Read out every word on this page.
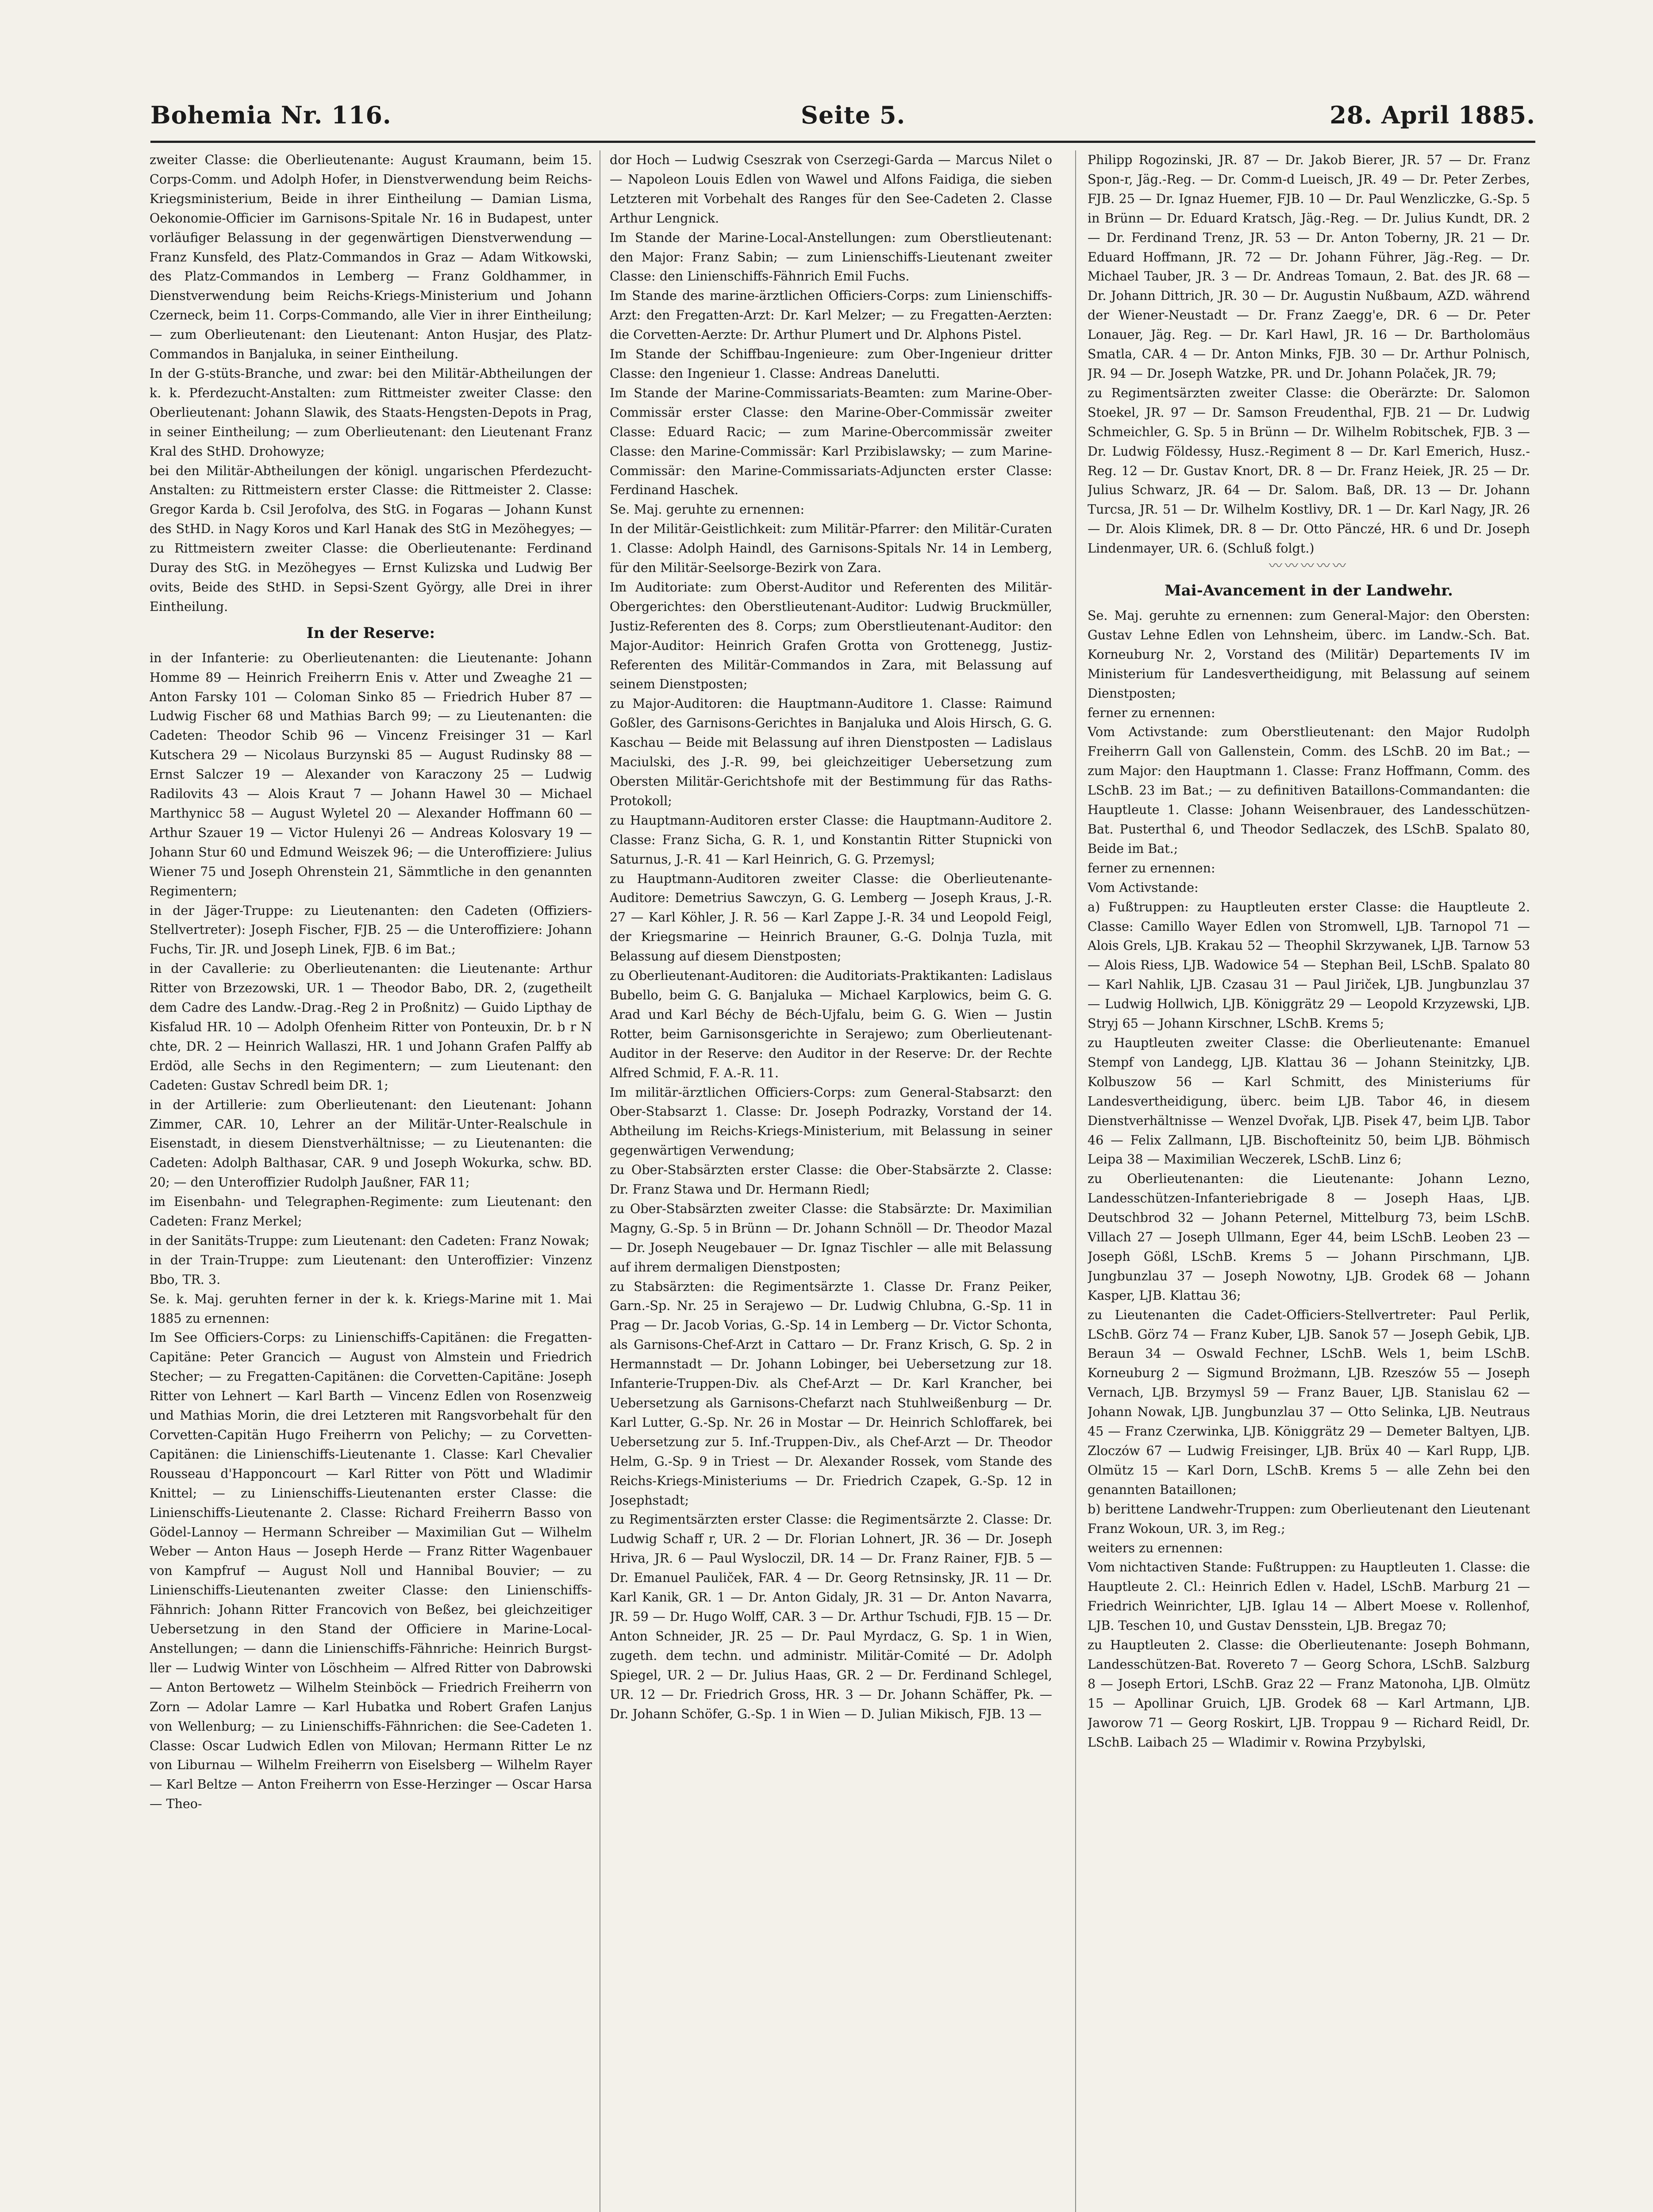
Bohemia Nr. 116.	Seite 5.	28. April 1885.

zweiter Classe: die Oberlieutenante: August Kraumann, beim 15. Corps-Comm. und Adolph Hofer, in Dienstverwendung beim Reichs-Kriegsministerium, Beide in ihrer Eintheilung — Damian Lisma, Oekonomie-Officier im Garnisons-Spitale Nr. 16 in Budapest, unter vorläufiger Belassung in der gegenwärtigen Dienstverwendung — Franz Kunsfeld, des Platz-Commandos in Graz — Adam Witkowski, des Platz-Commandos in Lemberg — Franz Goldhammer, in Dienstverwendung beim Reichs-Kriegs-Ministerium und Johann Czerneck, beim 11. Corps-Commando, alle Vier in ihrer Eintheilung; — zum Oberlieutenant: den Lieutenant: Anton Husjar, des Platz-Commandos in Banjaluka, in seiner Eintheilung.

In der G-stüts-Branche, und zwar: bei den Militär-Abtheilungen der k. k. Pferdezucht-Anstalten: zum Rittmeister zweiter Classe: den Oberlieutenant: Johann Slawik, des Staats-Hengsten-Depots in Prag, in seiner Eintheilung; — zum Oberlieutenant: den Lieutenant Franz Kral des StHD. Drohowyze;

bei den Militär-Abtheilungen der königl. ungarischen Pferdezucht-Anstalten: zu Rittmeistern erster Classe: die Rittmeister 2. Classe: Gregor Karda b. Csil Jerofolva, des StG. in Fogaras — Johann Kunst des StHD. in Nagy Koros und Karl Hanak des StG in Mezöhegyes; — zu Rittmeistern zweiter Classe: die Oberlieutenante: Ferdinand Duray des StG. in Mezöhegyes — Ernst Kulizska und Ludwig Ber ovits, Beide des StHD. in Sepsi-Szent György, alle Drei in ihrer Eintheilung.

In der Reserve:

in der Infanterie: zu Oberlieutenanten: die Lieutenante: Johann Homme 89 — Heinrich Freiherrn Enis v. Atter und Zweaghe 21 — Anton Farsky 101 — Coloman Sinko 85 — Friedrich Huber 87 — Ludwig Fischer 68 und Mathias Barch 99; — zu Lieutenanten: die Cadeten: Theodor Schib 96 — Vincenz Freisinger 31 — Karl Kutschera 29 — Nicolaus Burzynski 85 — August Rudinsky 88 — Ernst Salczer 19 — Alexander von Karaczony 25 — Ludwig Radilovits 43 — Alois Kraut 7 — Johann Hawel 30 — Michael Marthynicc 58 — August Wyletel 20 — Alexander Hoffmann 60 — Arthur Szauer 19 — Victor Hulenyi 26 — Andreas Kolosvary 19 — Johann Stur 60 und Edmund Weiszek 96; — die Unteroffiziere: Julius Wiener 75 und Joseph Ohrenstein 21, Sämmtliche in den genannten Regimentern;

in der Jäger-Truppe: zu Lieutenanten: den Cadeten (Offiziers-Stellvertreter): Joseph Fischer, FJB. 25 — die Unteroffiziere: Johann Fuchs, Tir. JR. und Joseph Linek, FJB. 6 im Bat.;

in der Cavallerie: zu Oberlieutenanten: die Lieutenante: Arthur Ritter von Brzezowski, UR. 1 — Theodor Babo, DR. 2, (zugetheilt dem Cadre des Landw.-Drag.-Reg 2 in Proßnitz) — Guido Lipthay de Kisfalud HR. 10 — Adolph Ofenheim Ritter von Ponteuxin, Dr. b r N chte, DR. 2 — Heinrich Wallaszi, HR. 1 und Johann Grafen Palffy ab Erdöd, alle Sechs in den Regimentern; — zum Lieutenant: den Cadeten: Gustav Schredl beim DR. 1;

in der Artillerie: zum Oberlieutenant: den Lieutenant: Johann Zimmer, CAR. 10, Lehrer an der Militär-Unter-Realschule in Eisenstadt, in diesem Dienstverhältnisse; — zu Lieutenanten: die Cadeten: Adolph Balthasar, CAR. 9 und Joseph Wokurka, schw. BD. 20; — den Unteroffizier Rudolph Jaußner, FAR 11;

im Eisenbahn- und Telegraphen-Regimente: zum Lieutenant: den Cadeten: Franz Merkel;

in der Sanitäts-Truppe: zum Lieutenant: den Cadeten: Franz Nowak;

in der Train-Truppe: zum Lieutenant: den Unteroffizier: Vinzenz Bbo, TR. 3.

Se. k. Maj. geruhten ferner in der k. k. Kriegs-Marine mit 1. Mai 1885 zu ernennen:

Im See Officiers-Corps: zu Linienschiffs-Capitänen: die Fregatten-Capitäne: Peter Grancich — August von Almstein und Friedrich Stecher; — zu Fregatten-Capitänen: die Corvetten-Capitäne: Joseph Ritter von Lehnert — Karl Barth — Vincenz Edlen von Rosenzweig und Mathias Morin, die drei Letzteren mit Rangsvorbehalt für den Corvetten-Capitän Hugo Freiherrn von Pelichy; — zu Corvetten-Capitänen: die Linienschiffs-Lieutenante 1. Classe: Karl Chevalier Rousseau d'Happoncourt — Karl Ritter von Pött und Wladimir Knittel; — zu Linienschiffs-Lieutenanten erster Classe: die Linienschiffs-Lieutenante 2. Classe: Richard Freiherrn Basso von Gödel-Lannoy — Hermann Schreiber — Maximilian Gut — Wilhelm Weber — Anton Haus — Joseph Herde — Franz Ritter Wagenbauer von Kampfruf — August Noll und Hannibal Bouvier; — zu Linienschiffs-Lieutenanten zweiter Classe: den Linienschiffs-Fähnrich: Johann Ritter Francovich von Beßez, bei gleichzeitiger Uebersetzung in den Stand der Officiere in Marine-Local-Anstellungen; — dann die Linienschiffs-Fähnriche: Heinrich Burgst-ller — Ludwig Winter von Löschheim — Alfred Ritter von Dabrowski — Anton Bertowetz — Wilhelm Steinböck — Friedrich Freiherrn von Zorn — Adolar Lamre — Karl Hubatka und Robert Grafen Lanjus von Wellenburg; — zu Linienschiffs-Fähnrichen: die See-Cadeten 1. Classe: Oscar Ludwich Edlen von Milovan; Hermann Ritter Le nz von Liburnau — Wilhelm Freiherrn von Eiselsberg — Wilhelm Rayer — Karl Beltze — Anton Freiherrn von Esse-Herzinger — Oscar Harsa — Theo-

dor Hoch — Ludwig Cseszrak von Cserzegi-Garda — Marcus Nilet o — Napoleon Louis Edlen von Wawel und Alfons Faidiga, die sieben Letzteren mit Vorbehalt des Ranges für den See-Cadeten 2. Classe Arthur Lengnick.

Im Stande der Marine-Local-Anstellungen: zum Oberstlieutenant: den Major: Franz Sabin; — zum Linienschiffs-Lieutenant zweiter Classe: den Linienschiffs-Fähnrich Emil Fuchs.

Im Stande des marine-ärztlichen Officiers-Corps: zum Linienschiffs-Arzt: den Fregatten-Arzt: Dr. Karl Melzer; — zu Fregatten-Aerzten: die Corvetten-Aerzte: Dr. Arthur Plumert und Dr. Alphons Pistel.

Im Stande der Schiffbau-Ingenieure: zum Ober-Ingenieur dritter Classe: den Ingenieur 1. Classe: Andreas Danelutti.

Im Stande der Marine-Commissariats-Beamten: zum Marine-Ober-Commissär erster Classe: den Marine-Ober-Commissär zweiter Classe: Eduard Racic; — zum Marine-Obercommissär zweiter Classe: den Marine-Commissär: Karl Przibislawsky; — zum Marine-Commissär: den Marine-Commissariats-Adjuncten erster Classe: Ferdinand Haschek.

Se. Maj. geruhte zu ernennen:

In der Militär-Geistlichkeit: zum Militär-Pfarrer: den Militär-Curaten 1. Classe: Adolph Haindl, des Garnisons-Spitals Nr. 14 in Lemberg, für den Militär-Seelsorge-Bezirk von Zara.

Im Auditoriate: zum Oberst-Auditor und Referenten des Militär-Obergerichtes: den Oberstlieutenant-Auditor: Ludwig Bruckmüller, Justiz-Referenten des 8. Corps; zum Oberstlieutenant-Auditor: den Major-Auditor: Heinrich Grafen Grotta von Grottenegg, Justiz-Referenten des Militär-Commandos in Zara, mit Belassung auf seinem Dienstposten;

zu Major-Auditoren: die Hauptmann-Auditore 1. Classe: Raimund Goßler, des Garnisons-Gerichtes in Banjaluka und Alois Hirsch, G. G. Kaschau — Beide mit Belassung auf ihren Dienstposten — Ladislaus Maciulski, des J.-R. 99, bei gleichzeitiger Uebersetzung zum Obersten Militär-Gerichtshofe mit der Bestimmung für das Raths-Protokoll;

zu Hauptmann-Auditoren erster Classe: die Hauptmann-Auditore 2. Classe: Franz Sicha, G. R. 1, und Konstantin Ritter Stupnicki von Saturnus, J.-R. 41 — Karl Heinrich, G. G. Przemysl;

zu Hauptmann-Auditoren zweiter Classe: die Oberlieutenante-Auditore: Demetrius Sawczyn, G. G. Lemberg — Joseph Kraus, J.-R. 27 — Karl Köhler, J. R. 56 — Karl Zappe J.-R. 34 und Leopold Feigl, der Kriegsmarine — Heinrich Brauner, G.-G. Dolnja Tuzla, mit Belassung auf diesem Dienstposten;

zu Oberlieutenant-Auditoren: die Auditoriats-Praktikanten: Ladislaus Bubello, beim G. G. Banjaluka — Michael Karplowics, beim G. G. Arad und Karl Béchy de Béch-Ujfalu, beim G. G. Wien — Justin Rotter, beim Garnisonsgerichte in Serajewo; zum Oberlieutenant-Auditor in der Reserve: den Auditor in der Reserve: Dr. der Rechte Alfred Schmid, F. A.-R. 11.

Im militär-ärztlichen Officiers-Corps: zum General-Stabsarzt: den Ober-Stabsarzt 1. Classe: Dr. Joseph Podrazky, Vorstand der 14. Abtheilung im Reichs-Kriegs-Ministerium, mit Belassung in seiner gegenwärtigen Verwendung;

zu Ober-Stabsärzten erster Classe: die Ober-Stabsärzte 2. Classe: Dr. Franz Stawa und Dr. Hermann Riedl;

zu Ober-Stabsärzten zweiter Classe: die Stabsärzte: Dr. Maximilian Magny, G.-Sp. 5 in Brünn — Dr. Johann Schnöll — Dr. Theodor Mazal — Dr. Joseph Neugebauer — Dr. Ignaz Tischler — alle mit Belassung auf ihrem dermaligen Dienstposten;

zu Stabsärzten: die Regimentsärzte 1. Classe Dr. Franz Peiker, Garn.-Sp. Nr. 25 in Serajewo — Dr. Ludwig Chlubna, G.-Sp. 11 in Prag — Dr. Jacob Vorias, G.-Sp. 14 in Lemberg — Dr. Victor Schonta, als Garnisons-Chef-Arzt in Cattaro — Dr. Franz Krisch, G. Sp. 2 in Hermannstadt — Dr. Johann Lobinger, bei Uebersetzung zur 18. Infanterie-Truppen-Div. als Chef-Arzt — Dr. Karl Krancher, bei Uebersetzung als Garnisons-Chefarzt nach Stuhlweißenburg — Dr. Karl Lutter, G.-Sp. Nr. 26 in Mostar — Dr. Heinrich Schloffarek, bei Uebersetzung zur 5. Inf.-Truppen-Div., als Chef-Arzt — Dr. Theodor Helm, G.-Sp. 9 in Triest — Dr. Alexander Rossek, vom Stande des Reichs-Kriegs-Ministeriums — Dr. Friedrich Czapek, G.-Sp. 12 in Josephstadt;

zu Regimentsärzten erster Classe: die Regimentsärzte 2. Classe: Dr. Ludwig Schaff r, UR. 2 — Dr. Florian Lohnert, JR. 36 — Dr. Joseph Hriva, JR. 6 — Paul Wysloczil, DR. 14 — Dr. Franz Rainer, FJB. 5 — Dr. Emanuel Pauliček, FAR. 4 — Dr. Georg Retnsinsky, JR. 11 — Dr. Karl Kanik, GR. 1 — Dr. Anton Gidaly, JR. 31 — Dr. Anton Navarra, JR. 59 — Dr. Hugo Wolff, CAR. 3 — Dr. Arthur Tschudi, FJB. 15 — Dr. Anton Schneider, JR. 25 — Dr. Paul Myrdacz, G. Sp. 1 in Wien, zugeth. dem techn. und administr. Militär-Comité — Dr. Adolph Spiegel, UR. 2 — Dr. Julius Haas, GR. 2 — Dr. Ferdinand Schlegel, UR. 12 — Dr. Friedrich Gross, HR. 3 — Dr. Johann Schäffer, Pk. — Dr. Johann Schöfer, G.-Sp. 1 in Wien — D. Julian Mikisch, FJB. 13 —

Philipp Rogozinski, JR. 87 — Dr. Jakob Bierer, JR. 57 — Dr. Franz Spon-r, Jäg.-Reg. — Dr. Comm-d Lueisch, JR. 49 — Dr. Peter Zerbes, FJB. 25 — Dr. Ignaz Huemer, FJB. 10 — Dr. Paul Wenzliczke, G.-Sp. 5 in Brünn — Dr. Eduard Kratsch, Jäg.-Reg. — Dr. Julius Kundt, DR. 2 — Dr. Ferdinand Trenz, JR. 53 — Dr. Anton Toberny, JR. 21 — Dr. Eduard Hoffmann, JR. 72 — Dr. Johann Führer, Jäg.-Reg. — Dr. Michael Tauber, JR. 3 — Dr. Andreas Tomaun, 2. Bat. des JR. 68 — Dr. Johann Dittrich, JR. 30 — Dr. Augustin Nußbaum, AZD. während der Wiener-Neustadt — Dr. Franz Zaegg'e, DR. 6 — Dr. Peter Lonauer, Jäg. Reg. — Dr. Karl Hawl, JR. 16 — Dr. Bartholomäus Smatla, CAR. 4 — Dr. Anton Minks, FJB. 30 — Dr. Arthur Polnisch, JR. 94 — Dr. Joseph Watzke, PR. und Dr. Johann Polaček, JR. 79;

zu Regimentsärzten zweiter Classe: die Oberärzte: Dr. Salomon Stoekel, JR. 97 — Dr. Samson Freudenthal, FJB. 21 — Dr. Ludwig Schmeichler, G. Sp. 5 in Brünn — Dr. Wilhelm Robitschek, FJB. 3 — Dr. Ludwig Földessy, Husz.-Regiment 8 — Dr. Karl Emerich, Husz.-Reg. 12 — Dr. Gustav Knort, DR. 8 — Dr. Franz Heiek, JR. 25 — Dr. Julius Schwarz, JR. 64 — Dr. Salom. Baß, DR. 13 — Dr. Johann Turcsa, JR. 51 — Dr. Wilhelm Kostlivy, DR. 1 — Dr. Karl Nagy, JR. 26 — Dr. Alois Klimek, DR. 8 — Dr. Otto Pänczé, HR. 6 und Dr. Joseph Lindenmayer, UR. 6. (Schluß folgt.)

〰〰〰〰〰

Mai-Avancement in der Landwehr.

Se. Maj. geruhte zu ernennen: zum General-Major: den Obersten: Gustav Lehne Edlen von Lehnsheim, überc. im Landw.-Sch. Bat. Korneuburg Nr. 2, Vorstand des (Militär) Departements IV im Ministerium für Landesvertheidigung, mit Belassung auf seinem Dienstposten;

ferner zu ernennen:

Vom Activstande: zum Oberstlieutenant: den Major Rudolph Freiherrn Gall von Gallenstein, Comm. des LSchB. 20 im Bat.; — zum Major: den Hauptmann 1. Classe: Franz Hoffmann, Comm. des LSchB. 23 im Bat.; — zu definitiven Bataillons-Commandanten: die Hauptleute 1. Classe: Johann Weisenbrauer, des Landesschützen-Bat. Pusterthal 6, und Theodor Sedlaczek, des LSchB. Spalato 80, Beide im Bat.;

ferner zu ernennen:

Vom Activstande:

a) Fußtruppen: zu Hauptleuten erster Classe: die Hauptleute 2. Classe: Camillo Wayer Edlen von Stromwell, LJB. Tarnopol 71 — Alois Grels, LJB. Krakau 52 — Theophil Skrzywanek, LJB. Tarnow 53 — Alois Riess, LJB. Wadowice 54 — Stephan Beil, LSchB. Spalato 80 — Karl Nahlik, LJB. Czasau 31 — Paul Jiriček, LJB. Jungbunzlau 37 — Ludwig Hollwich, LJB. Königgrätz 29 — Leopold Krzyzewski, LJB. Stryj 65 — Johann Kirschner, LSchB. Krems 5;

zu Hauptleuten zweiter Classe: die Oberlieutenante: Emanuel Stempf von Landegg, LJB. Klattau 36 — Johann Steinitzky, LJB. Kolbuszow 56 — Karl Schmitt, des Ministeriums für Landesvertheidigung, überc. beim LJB. Tabor 46, in diesem Dienstverhältnisse — Wenzel Dvořak, LJB. Pisek 47, beim LJB. Tabor 46 — Felix Zallmann, LJB. Bischofteinitz 50, beim LJB. Böhmisch Leipa 38 — Maximilian Weczerek, LSchB. Linz 6;

zu Oberlieutenanten: die Lieutenante: Johann Lezno, Landesschützen-Infanteriebrigade 8 — Joseph Haas, LJB. Deutschbrod 32 — Johann Peternel, Mittelburg 73, beim LSchB. Villach 27 — Joseph Ullmann, Eger 44, beim LSchB. Leoben 23 — Joseph Gößl, LSchB. Krems 5 — Johann Pirschmann, LJB. Jungbunzlau 37 — Joseph Nowotny, LJB. Grodek 68 — Johann Kasper, LJB. Klattau 36;

zu Lieutenanten die Cadet-Officiers-Stellvertreter: Paul Perlik, LSchB. Görz 74 — Franz Kuber, LJB. Sanok 57 — Joseph Gebik, LJB. Beraun 34 — Oswald Fechner, LSchB. Wels 1, beim LSchB. Korneuburg 2 — Sigmund Brożmann, LJB. Rzeszów 55 — Joseph Vernach, LJB. Brzymysl 59 — Franz Bauer, LJB. Stanislau 62 — Johann Nowak, LJB. Jungbunzlau 37 — Otto Selinka, LJB. Neutraus 45 — Franz Czerwinka, LJB. Königgrätz 29 — Demeter Baltyen, LJB. Zloczów 67 — Ludwig Freisinger, LJB. Brüx 40 — Karl Rupp, LJB. Olmütz 15 — Karl Dorn, LSchB. Krems 5 — alle Zehn bei den genannten Bataillonen;

b) berittene Landwehr-Truppen: zum Oberlieutenant den Lieutenant Franz Wokoun, UR. 3, im Reg.;

weiters zu ernennen:

Vom nichtactiven Stande: Fußtruppen: zu Hauptleuten 1. Classe: die Hauptleute 2. Cl.: Heinrich Edlen v. Hadel, LSchB. Marburg 21 — Friedrich Weinrichter, LJB. Iglau 14 — Albert Moese v. Rollenhof, LJB. Teschen 10, und Gustav Densstein, LJB. Bregaz 70;

zu Hauptleuten 2. Classe: die Oberlieutenante: Joseph Bohmann, Landesschützen-Bat. Rovereto 7 — Georg Schora, LSchB. Salzburg 8 — Joseph Ertori, LSchB. Graz 22 — Franz Matonoha, LJB. Olmütz 15 — Apollinar Gruich, LJB. Grodek 68 — Karl Artmann, LJB. Jaworow 71 — Georg Roskirt, LJB. Troppau 9 — Richard Reidl, Dr. LSchB. Laibach 25 — Wladimir v. Rowina Przybylski,
